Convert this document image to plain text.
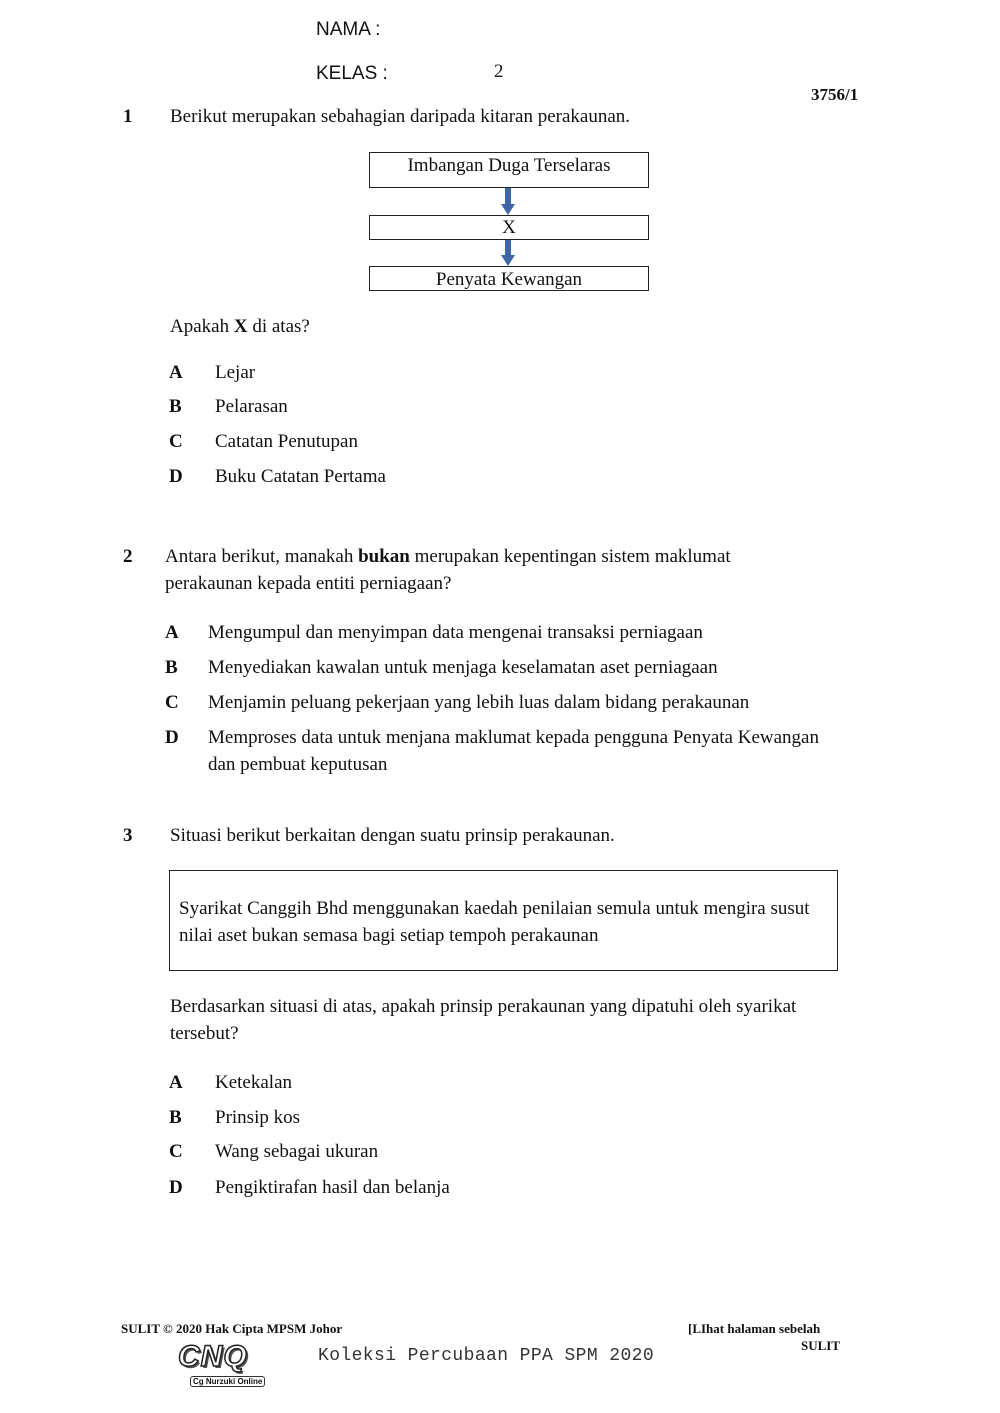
NAMA :
KELAS :	2
3756/1
1 Berikut merupakan sebahagian daripada kitaran perakaunan.
Imbangan Duga Terselaras
X
Penyata Kewangan
Apakah X di atas?
A Lejar
B Pelarasan
C Catatan Penutupan
D Buku Catatan Pertama
2 Antara berikut, manakah bukan merupakan kepentingan sistem maklumat
perakaunan kepada entiti perniagaan?
A Mengumpul dan menyimpan data mengenai transaksi perniagaan
B Menyediakan kawalan untuk menjaga keselamatan aset perniagaan
C Menjamin peluang pekerjaan yang lebih luas dalam bidang perakaunan
D Memproses data untuk menjana maklumat kepada pengguna Penyata Kewangan
dan pembuat keputusan
3 Situasi berikut berkaitan dengan suatu prinsip perakaunan.

Syarikat Canggih Bhd menggunakan kaedah penilaian semula untuk mengira susut nilai aset bukan semasa bagi setiap tempoh perakaunan

Berdasarkan situasi di atas, apakah prinsip perakaunan yang dipatuhi oleh syarikat
tersebut?
A Ketekalan
B Prinsip kos
C Wang sebagai ukuran
D Pengiktirafan hasil dan belanja
SULIT © 2020 Hak Cipta MPSM Johor	[LIhat halaman sebelah
SULIT
CNQ
Cg Nurzuki Online
Koleksi Percubaan PPA SPM 2020
